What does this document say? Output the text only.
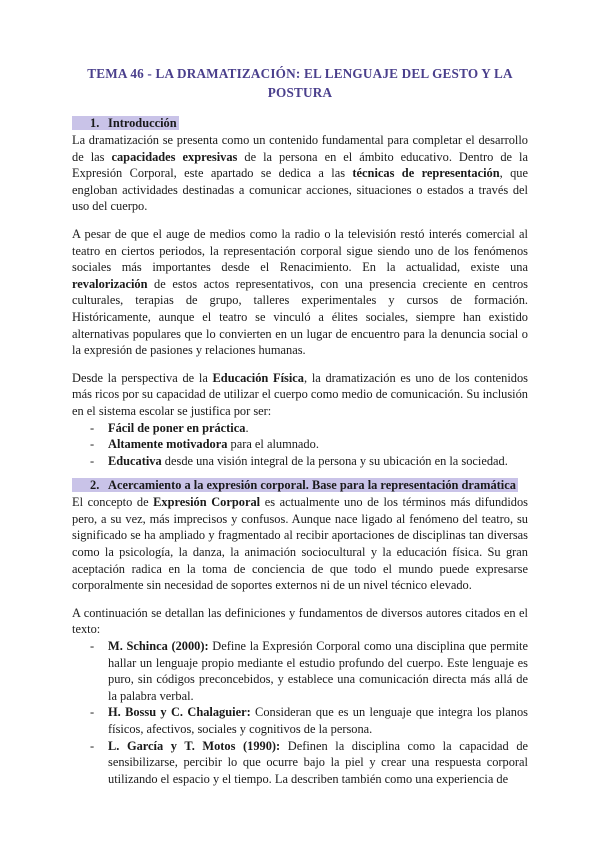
TEMA 46 - LA DRAMATIZACIÓN: EL LENGUAJE DEL GESTO Y LA POSTURA
1. Introducción

La dramatización se presenta como un contenido fundamental para completar el desarrollo de las capacidades expresivas de la persona en el ámbito educativo. Dentro de la Expresión Corporal, este apartado se dedica a las técnicas de representación, que engloban actividades destinadas a comunicar acciones, situaciones o estados a través del uso del cuerpo.

A pesar de que el auge de medios como la radio o la televisión restó interés comercial al teatro en ciertos periodos, la representación corporal sigue siendo uno de los fenómenos sociales más importantes desde el Renacimiento. En la actualidad, existe una revalorización de estos actos representativos, con una presencia creciente en centros culturales, terapias de grupo, talleres experimentales y cursos de formación. Históricamente, aunque el teatro se vinculó a élites sociales, siempre han existido alternativas populares que lo convierten en un lugar de encuentro para la denuncia social o la expresión de pasiones y relaciones humanas.

Desde la perspectiva de la Educación Física, la dramatización es uno de los contenidos más ricos por su capacidad de utilizar el cuerpo como medio de comunicación. Su inclusión en el sistema escolar se justifica por ser:

- Fácil de poner en práctica.
- Altamente motivadora para el alumnado.
- Educativa desde una visión integral de la persona y su ubicación en la sociedad.
2. Acercamiento a la expresión corporal. Base para la representación dramática

El concepto de Expresión Corporal es actualmente uno de los términos más difundidos pero, a su vez, más imprecisos y confusos. Aunque nace ligado al fenómeno del teatro, su significado se ha ampliado y fragmentado al recibir aportaciones de disciplinas tan diversas como la psicología, la danza, la animación sociocultural y la educación física. Su gran aceptación radica en la toma de conciencia de que todo el mundo puede expresarse corporalmente sin necesidad de soportes externos ni de un nivel técnico elevado.

A continuación se detallan las definiciones y fundamentos de diversos autores citados en el texto:

- M. Schinca (2000): Define la Expresión Corporal como una disciplina que permite hallar un lenguaje propio mediante el estudio profundo del cuerpo. Este lenguaje es puro, sin códigos preconcebidos, y establece una comunicación directa más allá de la palabra verbal.
- H. Bossu y C. Chalaguier: Consideran que es un lenguaje que integra los planos físicos, afectivos, sociales y cognitivos de la persona.
- L. García y T. Motos (1990): Definen la disciplina como la capacidad de sensibilizarse, percibir lo que ocurre bajo la piel y crear una respuesta corporal utilizando el espacio y el tiempo. La describen también como una experiencia de
